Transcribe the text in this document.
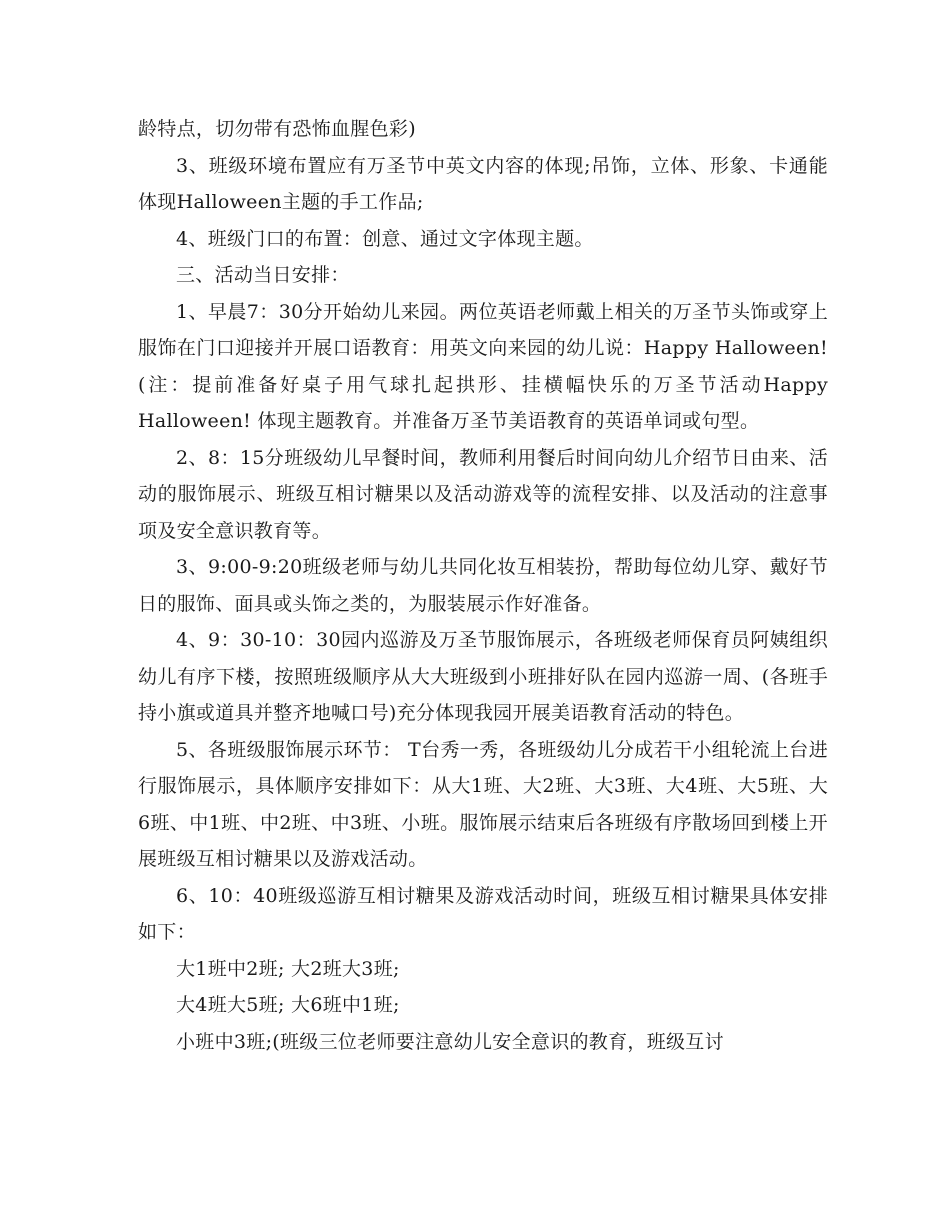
龄特点，切勿带有恐怖血腥色彩)

3、班级环境布置应有万圣节中英文内容的体现;吊饰，立体、形象、卡通能体现Halloween主题的手工作品;

4、班级门口的布置：创意、通过文字体现主题。

三、活动当日安排：

1、早晨7：30分开始幼儿来园。两位英语老师戴上相关的万圣节头饰或穿上服饰在门口迎接并开展口语教育：用英文向来园的幼儿说：Happy Halloween!(注：提前准备好桌子用气球扎起拱形、挂横幅快乐的万圣节活动Happy Halloween! 体现主题教育。并准备万圣节美语教育的英语单词或句型。

2、8：15分班级幼儿早餐时间，教师利用餐后时间向幼儿介绍节日由来、活动的服饰展示、班级互相讨糖果以及活动游戏等的流程安排、以及活动的注意事项及安全意识教育等。

3、9:00-9:20班级老师与幼儿共同化妆互相装扮，帮助每位幼儿穿、戴好节日的服饰、面具或头饰之类的，为服装展示作好准备。

4、9：30-10：30园内巡游及万圣节服饰展示，各班级老师保育员阿姨组织幼儿有序下楼，按照班级顺序从大大班级到小班排好队在园内巡游一周、(各班手持小旗或道具并整齐地喊口号)充分体现我园开展美语教育活动的特色。

5、各班级服饰展示环节： T台秀一秀，各班级幼儿分成若干小组轮流上台进行服饰展示，具体顺序安排如下：从大1班、大2班、大3班、大4班、大5班、大6班、中1班、中2班、中3班、小班。服饰展示结束后各班级有序散场回到楼上开展班级互相讨糖果以及游戏活动。

6、10：40班级巡游互相讨糖果及游戏活动时间，班级互相讨糖果具体安排如下：

大1班中2班; 大2班大3班;

大4班大5班; 大6班中1班;

小班中3班;(班级三位老师要注意幼儿安全意识的教育，班级互讨
